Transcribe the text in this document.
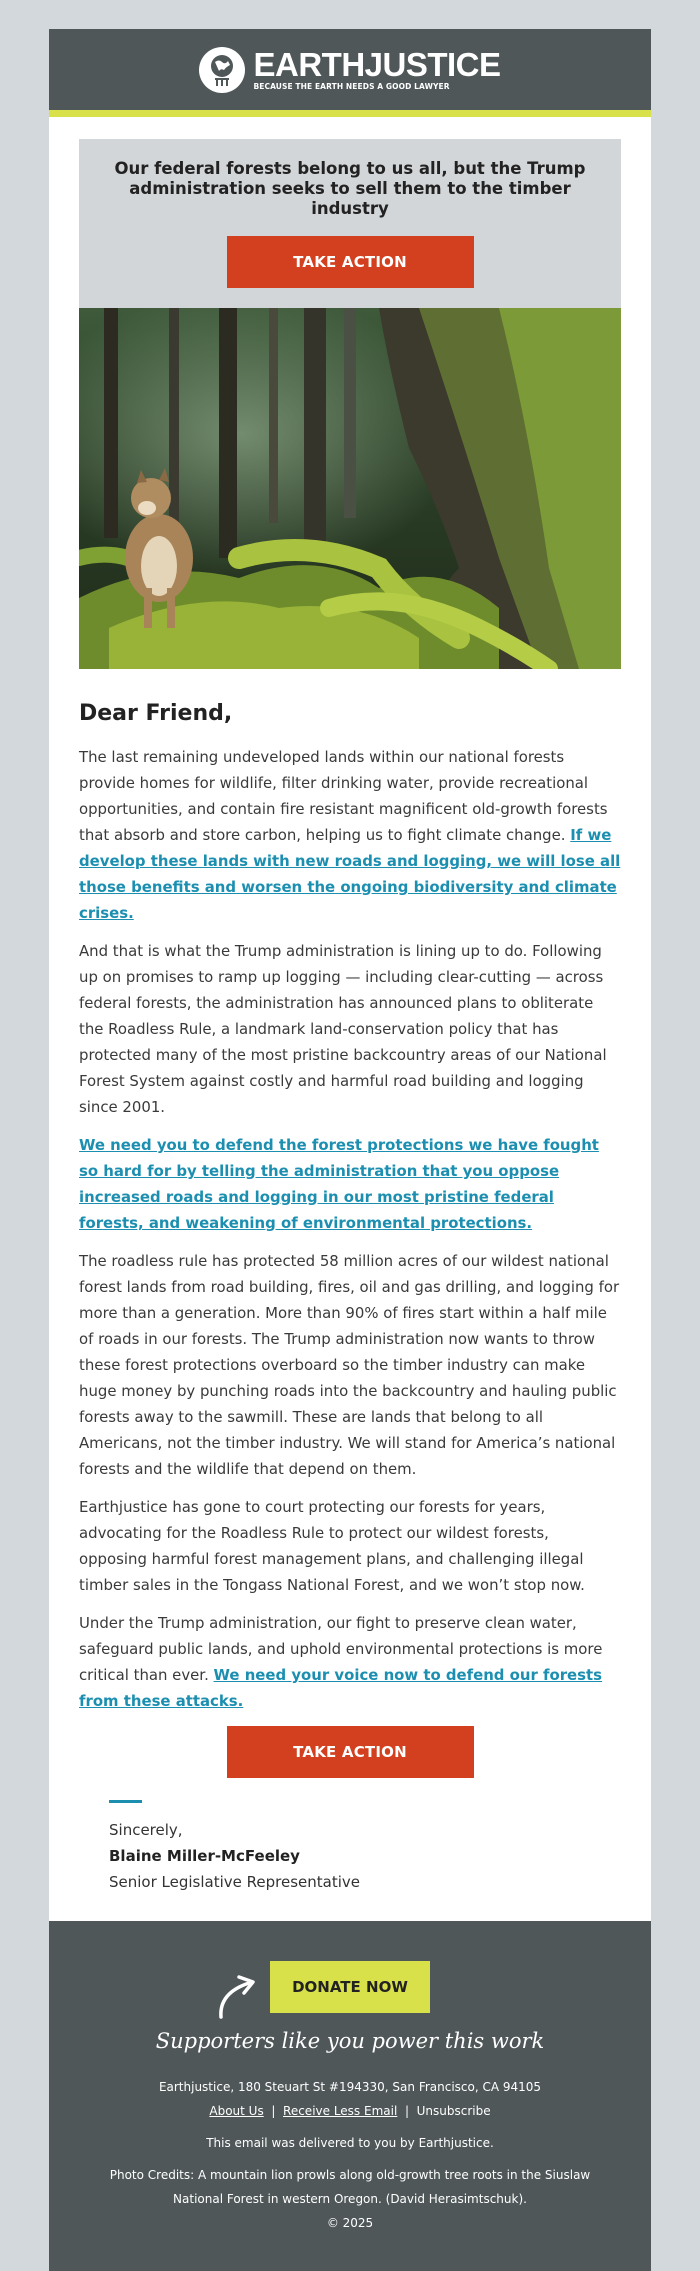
EARTHJUSTICE
BECAUSE THE EARTH NEEDS A GOOD LAWYER
Our federal forests belong to us all, but the Trump administration seeks to sell them to the timber industry
TAKE ACTION
Dear Friend,

The last remaining undeveloped lands within our national forests provide homes for wildlife, filter drinking water, provide recreational opportunities, and contain fire resistant magnificent old-growth forests that absorb and store carbon, helping us to fight climate change. If we develop these lands with new roads and logging, we will lose all those benefits and worsen the ongoing biodiversity and climate crises.

And that is what the Trump administration is lining up to do. Following up on promises to ramp up logging — including clear-cutting — across federal forests, the administration has announced plans to obliterate the Roadless Rule, a landmark land-conservation policy that has protected many of the most pristine backcountry areas of our National Forest System against costly and harmful road building and logging since 2001.

We need you to defend the forest protections we have fought so hard for by telling the administration that you oppose increased roads and logging in our most pristine federal forests, and weakening of environmental protections.

The roadless rule has protected 58 million acres of our wildest national forest lands from road building, fires, oil and gas drilling, and logging for more than a generation. More than 90% of fires start within a half mile of roads in our forests. The Trump administration now wants to throw these forest protections overboard so the timber industry can make huge money by punching roads into the backcountry and hauling public forests away to the sawmill. These are lands that belong to all Americans, not the timber industry. We will stand for America’s national forests and the wildlife that depend on them.

Earthjustice has gone to court protecting our forests for years, advocating for the Roadless Rule to protect our wildest forests, opposing harmful forest management plans, and challenging illegal timber sales in the Tongass National Forest, and we won’t stop now.

Under the Trump administration, our fight to preserve clean water, safeguard public lands, and uphold environmental protections is more critical than ever. We need your voice now to defend our forests from these attacks.

TAKE ACTION
Sincerely,
Blaine Miller-McFeeley
Senior Legislative Representative
DONATE NOW
Supporters like you power this work
Earthjustice, 180 Steuart St #194330, San Francisco, CA 94105
About Us | Receive Less Email | Unsubscribe
This email was delivered to you by Earthjustice.
Photo Credits: A mountain lion prowls along old-growth tree roots in the Siuslaw National Forest in western Oregon. (David Herasimtschuk).
© 2025
